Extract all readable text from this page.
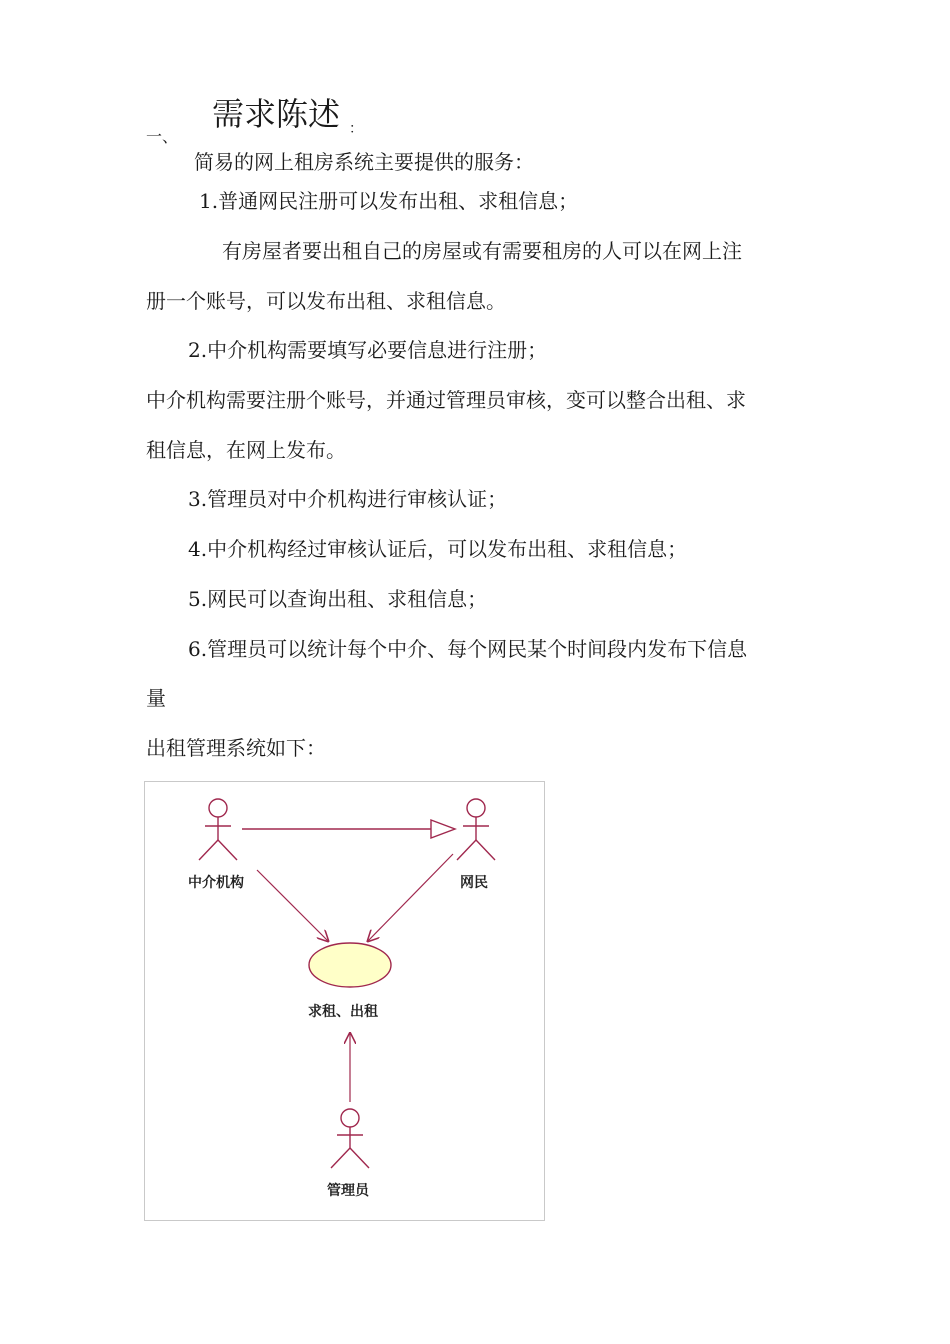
一、
需求陈述 ：
简易的网上租房系统主要提供的服务：
1.普通网民注册可以发布出租、求租信息；
有房屋者要出租自己的房屋或有需要租房的人可以在网上注
册一个账号，可以发布出租、求租信息。
2.中介机构需要填写必要信息进行注册；
中介机构需要注册个账号，并通过管理员审核，变可以整合出租、求
租信息，在网上发布。
3.管理员对中介机构进行审核认证；
4.中介机构经过审核认证后，可以发布出租、求租信息；
5.网民可以查询出租、求租信息；
6.管理员可以统计每个中介、每个网民某个时间段内发布下信息
量
出租管理系统如下：
中介机构	网民
求租、出租
管理员
